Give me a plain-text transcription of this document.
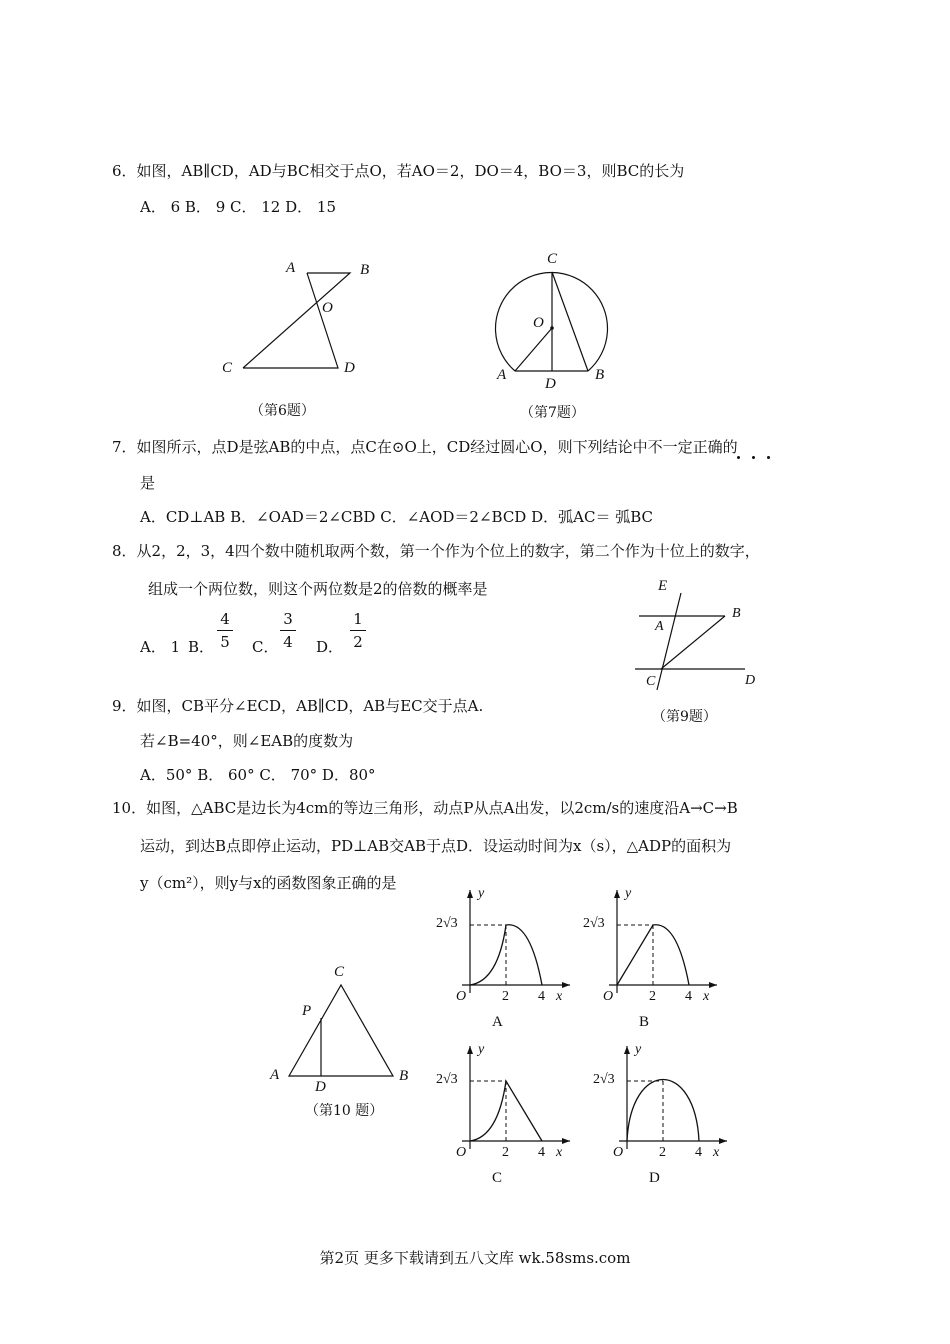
6．如图，AB∥CD，AD与BC相交于点O，若AO＝2，DO＝4，BO＝3，则BC的长为
A． 6 B． 9 C． 12 D． 15
A	B
O
C	D
（第6题）
C
O
A
D
B
（第7题）
7．如图所示，点D是弦AB的中点，点C在⊙O上，CD经过圆心O，则下列结论中不一定正确的
是
A．CD⊥AB B．∠OAD＝2∠CBD C．∠AOD＝2∠BCD D．弧AC＝ 弧BC
8．从2，2，3，4四个数中随机取两个数，第一个作为个位上的数字，第二个作为十位上的数字，
组成一个两位数，则这个两位数是2的倍数的概率是
A． 1 B．
4
5 C．
3
4 D．
1
2
E
B
A
C	D
（第9题）
9．如图，CB平分∠ECD，AB∥CD，AB与EC交于点A.
若∠B=40°，则∠EAB的度数为
A．50° B． 60° C． 70° D．80°
10．如图，△ABC是边长为4cm的等边三角形，动点P从点A出发，以2cm/s的速度沿A→C→B
运动，到达B点即停止运动，PD⊥AB交AB于点D．设运动时间为x（s），△ADP的面积为
y（cm²），则y与x的函数图象正确的是
C
P
A
D
B
（第10 题）
y
x
O	2 4
2√3
A
y
x
O	2 4
2√3
B
y
x
O	2 4
2√3
C
y
x
O	2 4
2√3
D
第2页 更多下载请到五八文库 wk.58sms.com
